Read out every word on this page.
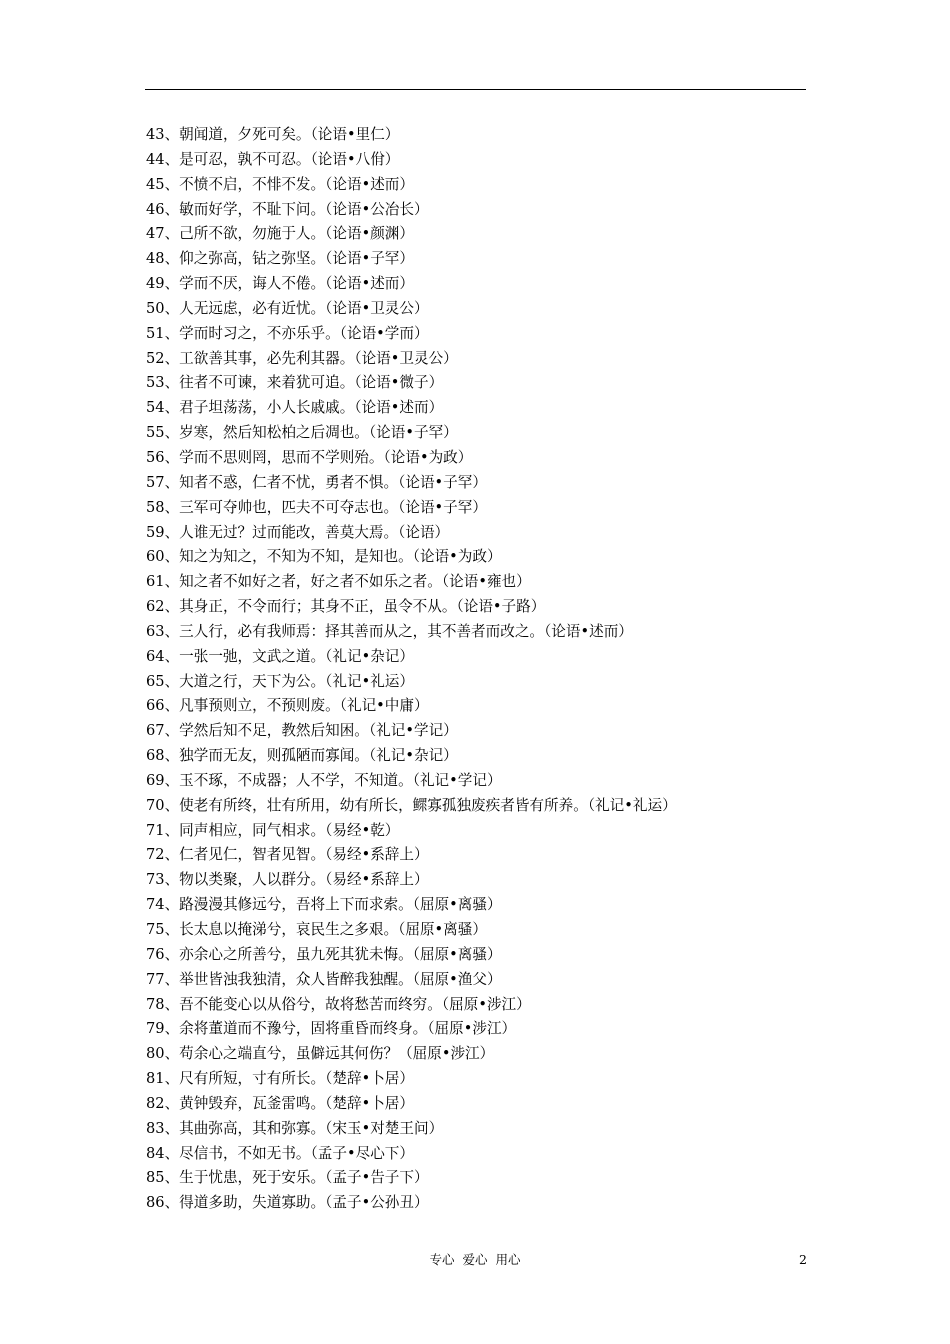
43、朝闻道，夕死可矣。（论语•里仁）
44、是可忍，孰不可忍。（论语•八佾）
45、不愤不启，不悱不发。（论语•述而）
46、敏而好学，不耻下问。（论语•公冶长）
47、己所不欲，勿施于人。（论语•颜渊）
48、仰之弥高，钻之弥坚。（论语•子罕）
49、学而不厌，诲人不倦。（论语•述而）
50、人无远虑，必有近忧。（论语•卫灵公）
51、学而时习之，不亦乐乎。（论语•学而）
52、工欲善其事，必先利其器。（论语•卫灵公）
53、往者不可谏，来着犹可追。（论语•微子）
54、君子坦荡荡，小人长戚戚。（论语•述而）
55、岁寒，然后知松柏之后凋也。（论语•子罕）
56、学而不思则罔，思而不学则殆。（论语•为政）
57、知者不惑，仁者不忧，勇者不惧。（论语•子罕）
58、三军可夺帅也，匹夫不可夺志也。（论语•子罕）
59、人谁无过？过而能改，善莫大焉。（论语）
60、知之为知之，不知为不知，是知也。（论语•为政）
61、知之者不如好之者，好之者不如乐之者。（论语•雍也）
62、其身正，不令而行；其身不正，虽令不从。（论语•子路）
63、三人行，必有我师焉：择其善而从之，其不善者而改之。（论语•述而）
64、一张一弛，文武之道。（礼记•杂记）
65、大道之行，天下为公。（礼记•礼运）
66、凡事预则立，不预则废。（礼记•中庸）
67、学然后知不足，教然后知困。（礼记•学记）
68、独学而无友，则孤陋而寡闻。（礼记•杂记）
69、玉不琢，不成器；人不学，不知道。（礼记•学记）
70、使老有所终，壮有所用，幼有所长，鳏寡孤独废疾者皆有所养。（礼记•礼运）
71、同声相应，同气相求。（易经•乾）
72、仁者见仁，智者见智。（易经•系辞上）
73、物以类聚，人以群分。（易经•系辞上）
74、路漫漫其修远兮，吾将上下而求索。（屈原•离骚）
75、长太息以掩涕兮，哀民生之多艰。（屈原•离骚）
76、亦余心之所善兮，虽九死其犹未悔。（屈原•离骚）
77、举世皆浊我独清，众人皆醉我独醒。（屈原•渔父）
78、吾不能变心以从俗兮，故将愁苦而终穷。（屈原•涉江）
79、余将董道而不豫兮，固将重昏而终身。（屈原•涉江）
80、苟余心之端直兮，虽僻远其何伤？（屈原•涉江）
81、尺有所短，寸有所长。（楚辞•卜居）
82、黄钟毁弃，瓦釜雷鸣。（楚辞•卜居）
83、其曲弥高，其和弥寡。（宋玉•对楚王问）
84、尽信书，不如无书。（孟子•尽心下）
85、生于忧患，死于安乐。（孟子•告子下）
86、得道多助，失道寡助。（孟子•公孙丑）
专心  爱心  用心	2
